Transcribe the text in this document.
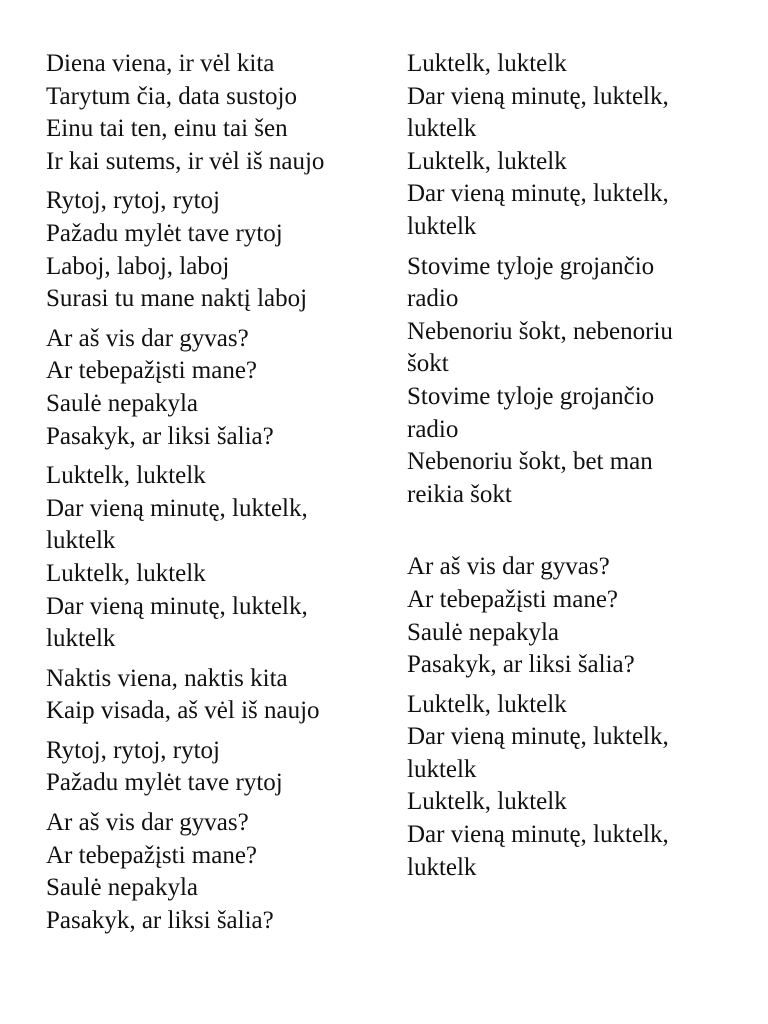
Diena viena, ir vėl kita
Tarytum čia, data sustojo
Einu tai ten, einu tai šen
Ir kai sutems, ir vėl iš naujo
Rytoj, rytoj, rytoj
Pažadu mylėt tave rytoj
Laboj, laboj, laboj
Surasi tu mane naktį laboj
Ar aš vis dar gyvas?
Ar tebepažįsti mane?
Saulė nepakyla
Pasakyk, ar liksi šalia?
Luktelk, luktelk
Dar vieną minutę, luktelk,
luktelk
Luktelk, luktelk
Dar vieną minutę, luktelk,
luktelk
Naktis viena, naktis kita
Kaip visada, aš vėl iš naujo
Rytoj, rytoj, rytoj
Pažadu mylėt tave rytoj
Ar aš vis dar gyvas?
Ar tebepažįsti mane?
Saulė nepakyla
Pasakyk, ar liksi šalia?
Luktelk, luktelk
Dar vieną minutę, luktelk,
luktelk
Luktelk, luktelk
Dar vieną minutę, luktelk,
luktelk
Stovime tyloje grojančio
radio
Nebenoriu šokt, nebenoriu
šokt
Stovime tyloje grojančio
radio
Nebenoriu šokt, bet man
reikia šokt
Ar aš vis dar gyvas?
Ar tebepažįsti mane?
Saulė nepakyla
Pasakyk, ar liksi šalia?
Luktelk, luktelk
Dar vieną minutę, luktelk,
luktelk
Luktelk, luktelk
Dar vieną minutę, luktelk,
luktelk
